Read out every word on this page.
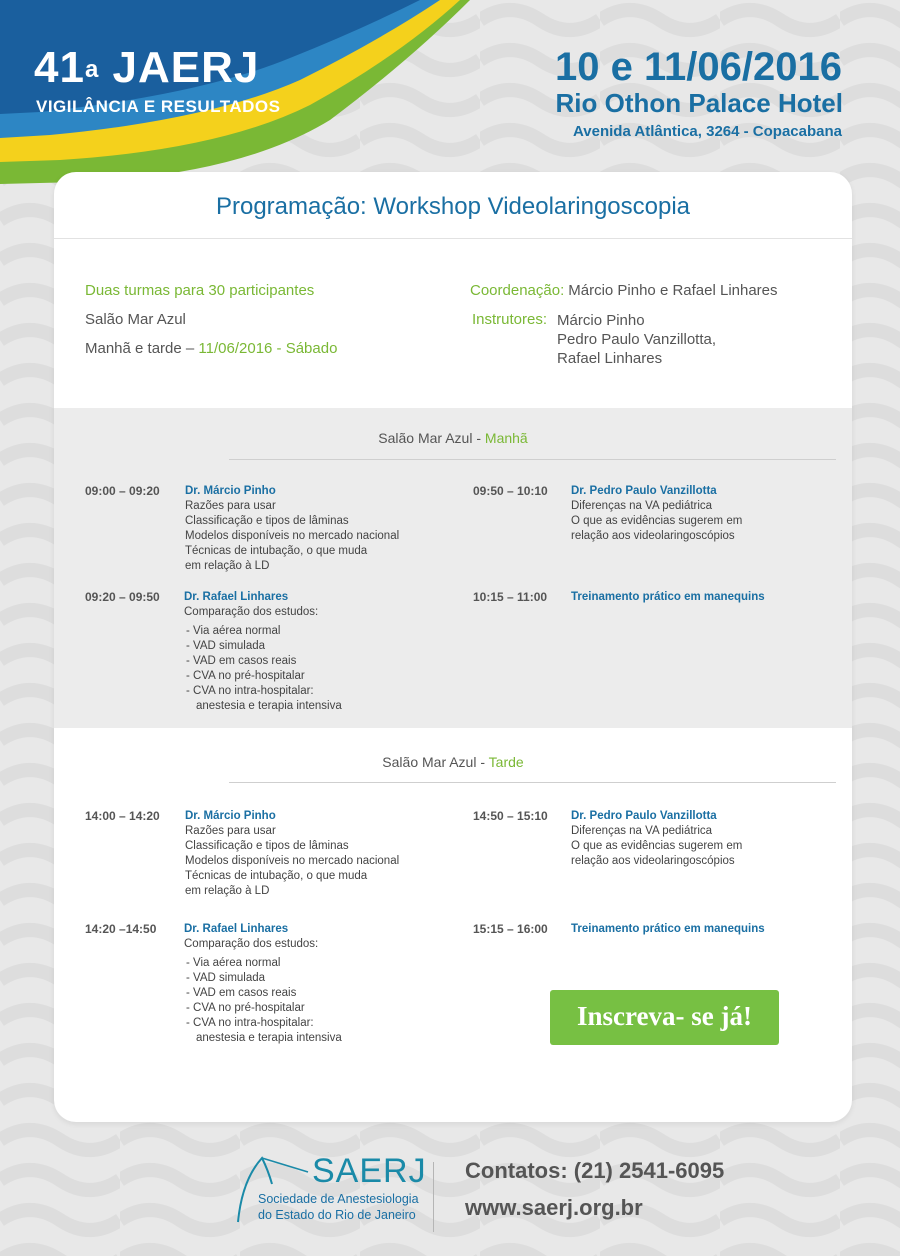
41$^a$ JAERJ
VIGILÂNCIA E RESULTADOS
10 e 11/06/2016
Rio Othon Palace Hotel
Avenida Atlântica, 3264 - Copacabana
Programação: Workshop Videolaringoscopia
Duas turmas para 30 participantes
Salão Mar Azul
Manhã e tarde – 11/06/2016 - Sábado
Coordenação: Márcio Pinho e Rafael Linhares
Instrutores: Márcio Pinho
Pedro Paulo Vanzillotta,
Rafael Linhares
Salão Mar Azul - Manhã
09:00 – 09:20 Dr. Márcio Pinho
Razões para usar
Classificação e tipos de lâminas
Modelos disponíveis no mercado nacional
Técnicas de intubação, o que muda
em relação à LD
09:20 – 09:50 Dr. Rafael Linhares
Comparação dos estudos:
- Via aérea normal
- VAD simulada
- VAD em casos reais
- CVA no pré-hospitalar
- CVA no intra-hospitalar:
anestesia e terapia intensiva
09:50 – 10:10 Dr. Pedro Paulo Vanzillotta
Diferenças na VA pediátrica
O que as evidências sugerem em
relação aos videolaringoscópios
10:15 – 11:00 Treinamento prático em manequins
Salão Mar Azul - Tarde
14:00 – 14:20 Dr. Márcio Pinho
Razões para usar
Classificação e tipos de lâminas
Modelos disponíveis no mercado nacional
Técnicas de intubação, o que muda
em relação à LD
14:20 –14:50 Dr. Rafael Linhares
Comparação dos estudos:
- Via aérea normal
- VAD simulada
- VAD em casos reais
- CVA no pré-hospitalar
- CVA no intra-hospitalar:
anestesia e terapia intensiva
14:50 – 15:10 Dr. Pedro Paulo Vanzillotta
Diferenças na VA pediátrica
O que as evidências sugerem em
relação aos videolaringoscópios
15:15 – 16:00 Treinamento prático em manequins
Inscreva- se já!
SAERJ
Sociedade de Anestesiologia
do Estado do Rio de Janeiro
Contatos: (21) 2541-6095
www.saerj.org.br
